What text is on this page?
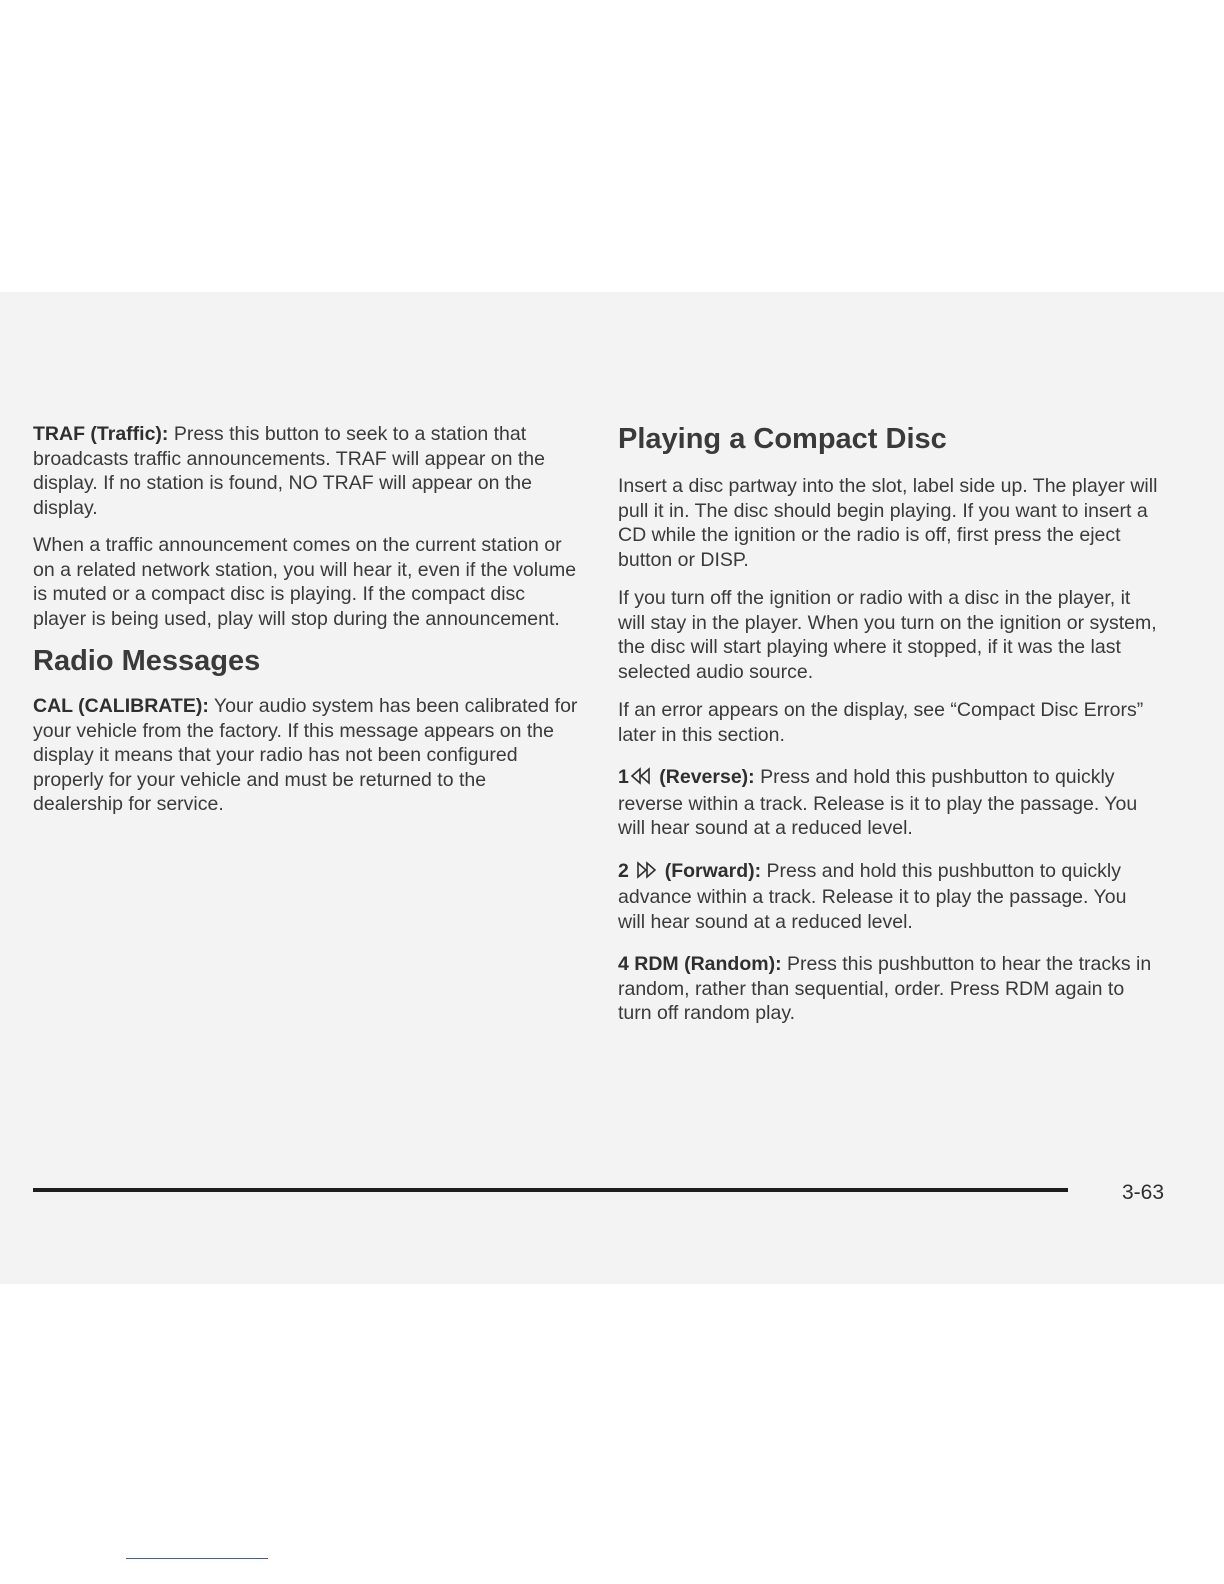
TRAF (Traffic): Press this button to seek to a station that broadcasts traffic announcements. TRAF will appear on the display. If no station is found, NO TRAF will appear on the display.

When a traffic announcement comes on the current station or on a related network station, you will hear it, even if the volume is muted or a compact disc is playing. If the compact disc player is being used, play will stop during the announcement.

Radio Messages

CAL (CALIBRATE): Your audio system has been calibrated for your vehicle from the factory. If this message appears on the display it means that your radio has not been configured properly for your vehicle and must be returned to the dealership for service.

Playing a Compact Disc

Insert a disc partway into the slot, label side up. The player will pull it in. The disc should begin playing. If you want to insert a CD while the ignition or the radio is off, first press the eject button or DISP.

If you turn off the ignition or radio with a disc in the player, it will stay in the player. When you turn on the ignition or system, the disc will start playing where it stopped, if it was the last selected audio source.

If an error appears on the display, see “Compact Disc Errors” later in this section.

1 (Reverse): Press and hold this pushbutton to quickly reverse within a track. Release is it to play the passage. You will hear sound at a reduced level.

2 (Forward): Press and hold this pushbutton to quickly advance within a track. Release it to play the passage. You will hear sound at a reduced level.

4 RDM (Random): Press this pushbutton to hear the tracks in random, rather than sequential, order. Press RDM again to turn off random play.

3-63
